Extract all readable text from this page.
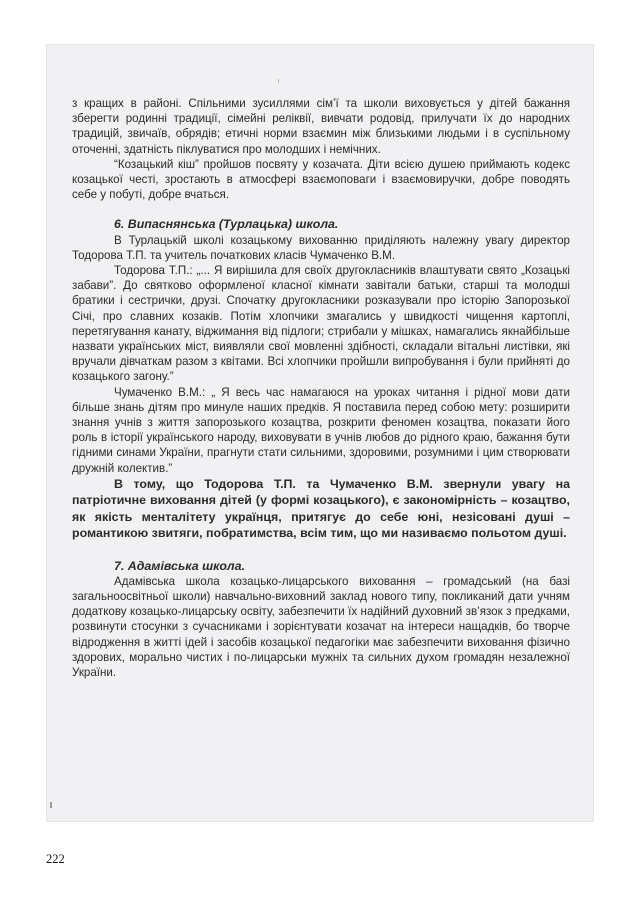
з кращих в районі. Спільними зусиллями сім’ї та школи виховується у дітей бажання зберегти родинні традиції, сімейні реліквії, вивчати родовід, прилучати їх до народних традицій, звичаїв, обрядів; етичні норми взаємин між близькими людьми і в суспільному оточенні, здатність піклуватися про молодших і немічних.

“Козацький кіш” пройшов посвяту у козачата. Діти всією душею приймають кодекс козацької честі, зростають в атмосфері взаємоповаги і взаємовиручки, добре поводять себе у побуті, добре вчаться.

6. Випаснянська (Турлацька) школа.

В Турлацькій школі козацькому вихованню приділяють належну увагу директор Тодорова Т.П. та учитель початкових класів Чумаченко В.М.

Тодорова Т.П.: „... Я вирішила для своїх другокласників влаштувати свято „Козацькі забави”. До святково оформленої класної кімнати завітали батьки, старші та молодші братики і сестрички, друзі. Спочатку другокласники розказували про історію Запорозької Січі, про славних козаків. Потім хлопчики змагались у швидкості чищення картоплі, перетягування канату, віджимання від підлоги; стрибали у мішках, намагались якнайбільше назвати українських міст, виявляли свої мовленні здібності, складали вітальні листівки, які вручали дівчаткам разом з квітами. Всі хлопчики пройшли випробування і були прийняті до козацького загону.”

Чумаченко В.М.: „ Я весь час намагаюся на уроках читання і рідної мови дати більше знань дітям про минуле наших предків. Я поставила перед собою мету: розширити знання учнів з життя запорозького козацтва, розкрити феномен козацтва, показати його роль в історії українського народу, виховувати в учнів любов до рідного краю, бажання бути гідними синами України, прагнути стати сильними, здоровими, розумними і цим створювати дружній колектив.”

В тому, що Тодорова Т.П. та Чумаченко В.М. звернули увагу на патріотичне виховання дітей (у формі козацького), є закономірність – козацтво, як якість менталітету українця, притягує до себе юні, незісовані душі – романтикою звитяги, побратимства, всім тим, що ми називаємо польотом душі.

7. Адамівська школа.

Адамівська школа козацько-лицарського виховання – громадський (на базі загальноосвітньої школи) навчально-виховний заклад нового типу, покликаний дати учням додаткову козацько-лицарську освіту, забезпечити їх надійний духовний зв’язок з предками, розвинути стосунки з сучасниками і зорієнтувати козачат на інтереси нащадків, бо творче відродження в житті ідей і засобів козацької педагогіки має забезпечити виховання фізично здорових, морально чистих і по-лицарськи мужніх та сильних духом громадян незалежної України.

222
